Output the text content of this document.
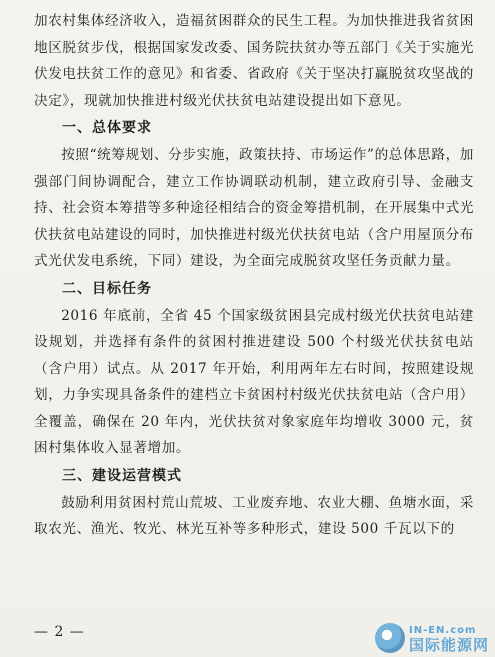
加农村集体经济收入，造福贫困群众的民生工程。为加快推进我省贫困地区脱贫步伐，根据国家发改委、国务院扶贫办等五部门《关于实施光伏发电扶贫工作的意见》和省委、省政府《关于坚决打赢脱贫攻坚战的决定》，现就加快推进村级光伏扶贫电站建设提出如下意见。

一、总体要求

按照“统筹规划、分步实施，政策扶持、市场运作”的总体思路，加强部门间协调配合，建立工作协调联动机制，建立政府引导、金融支持、社会资本筹措等多种途径相结合的资金筹措机制，在开展集中式光伏扶贫电站建设的同时，加快推进村级光伏扶贫电站（含户用屋顶分布式光伏发电系统，下同）建设，为全面完成脱贫攻坚任务贡献力量。

二、目标任务

2016 年底前，全省 45 个国家级贫困县完成村级光伏扶贫电站建设规划，并选择有条件的贫困村推进建设 500 个村级光伏扶贫电站（含户用）试点。从 2017 年开始，利用两年左右时间，按照建设规划，力争实现具备条件的建档立卡贫困村村级光伏扶贫电站（含户用）全覆盖，确保在 20 年内，光伏扶贫对象家庭年均增收 3000 元，贫困村集体收入显著增加。

三、建设运营模式

鼓励利用贫困村荒山荒坡、工业废弃地、农业大棚、鱼塘水面，采取农光、渔光、牧光、林光互补等多种形式，建设 500 千瓦以下的

— 2 —	IN-EN.com
国际能源网
